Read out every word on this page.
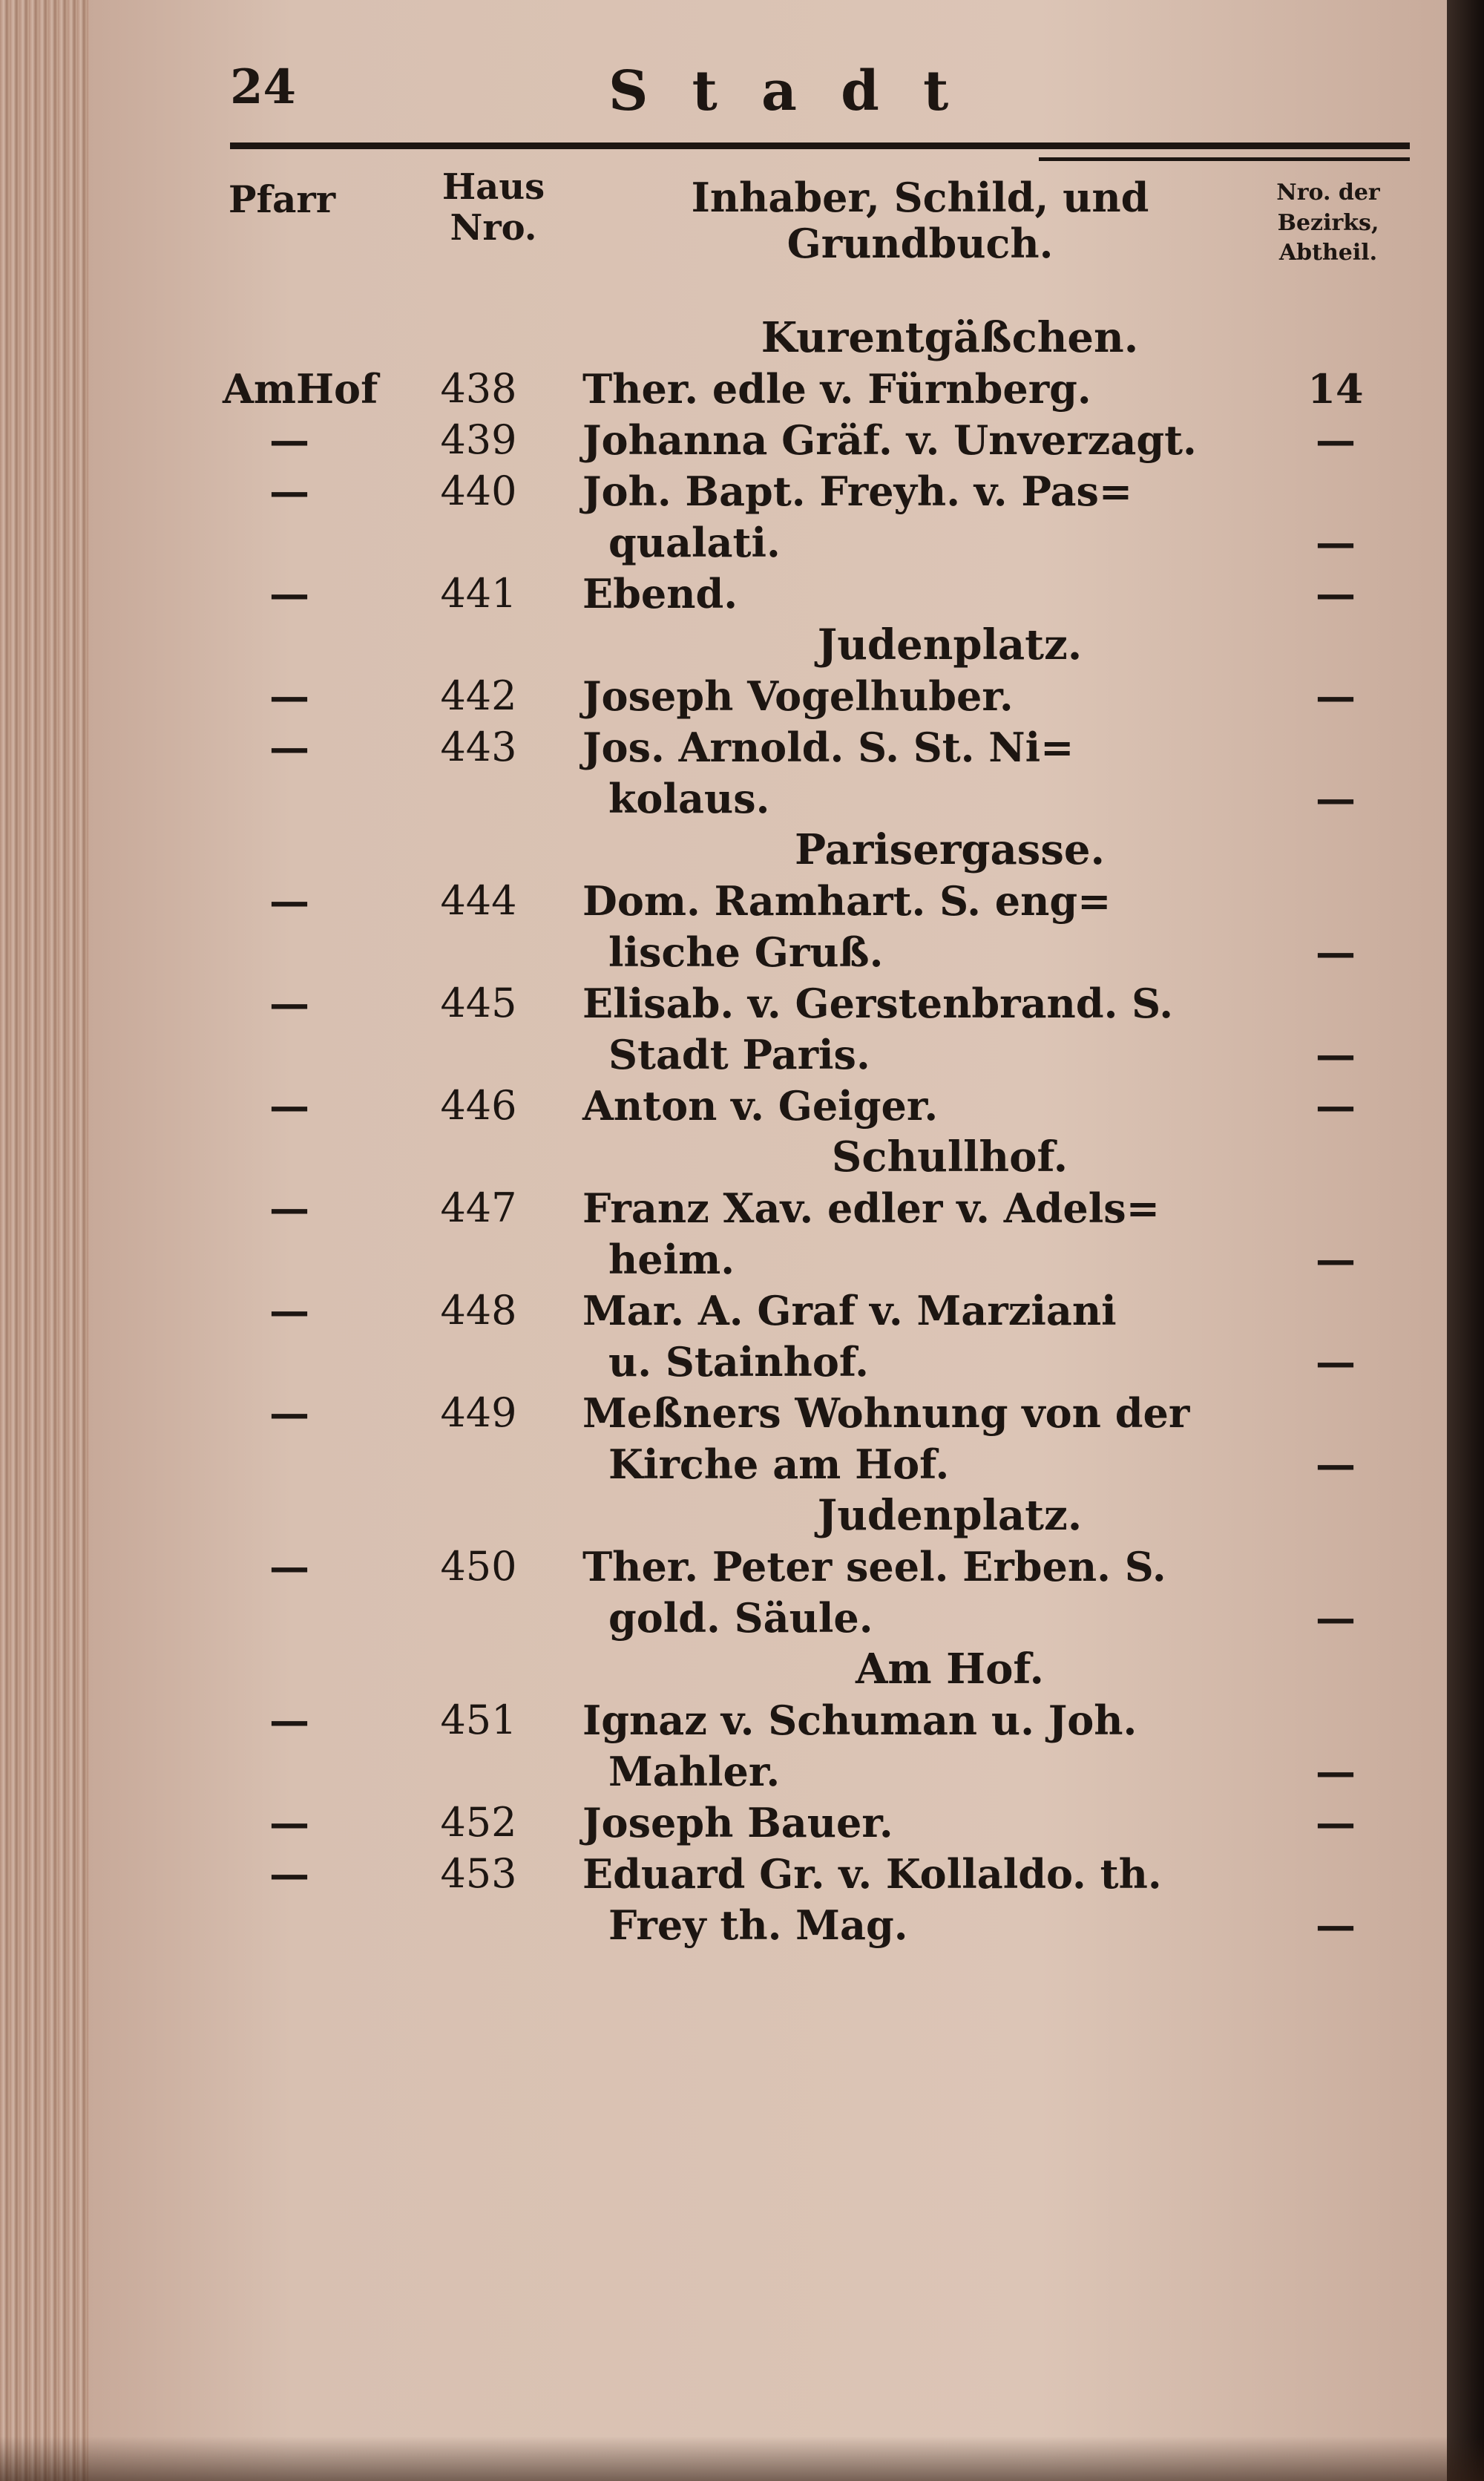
24	Stadt
Pfarr	Haus Nro.
Inhaber, Schild, und Grundbuch.
Nro. der Bezirks, Abtheil.
Kurentgäßchen.
AmHof	438	Ther. edle v. Fürnberg.	14
—	439	Johanna Gräf. v. Unverzagt.	—
—	440	Joh. Bapt. Freyh. v. Pas=
qualati.	—
—	441	Ebend.	—
Judenplatz.
—	442	Joseph Vogelhuber.	—
—	443	Jos. Arnold. S. St. Ni=
kolaus.	—
Parisergasse.
—	444	Dom. Ramhart. S. eng=
lische Gruß.	—
—	445	Elisab. v. Gerstenbrand. S.
Stadt Paris.	—
—	446	Anton v. Geiger.	—
Schullhof.
—	447	Franz Xav. edler v. Adels=
heim.	—
—	448	Mar. A. Graf v. Marziani
u. Stainhof.	—
—	449	Meßners Wohnung von der
Kirche am Hof.	—
Judenplatz.
—	450	Ther. Peter seel. Erben. S.
gold. Säule.	—
Am Hof.
—	451	Ignaz v. Schuman u. Joh.
Mahler.	—
—	452	Joseph Bauer.	—
—	453	Eduard Gr. v. Kollaldo. th.
Frey th. Mag.	—
